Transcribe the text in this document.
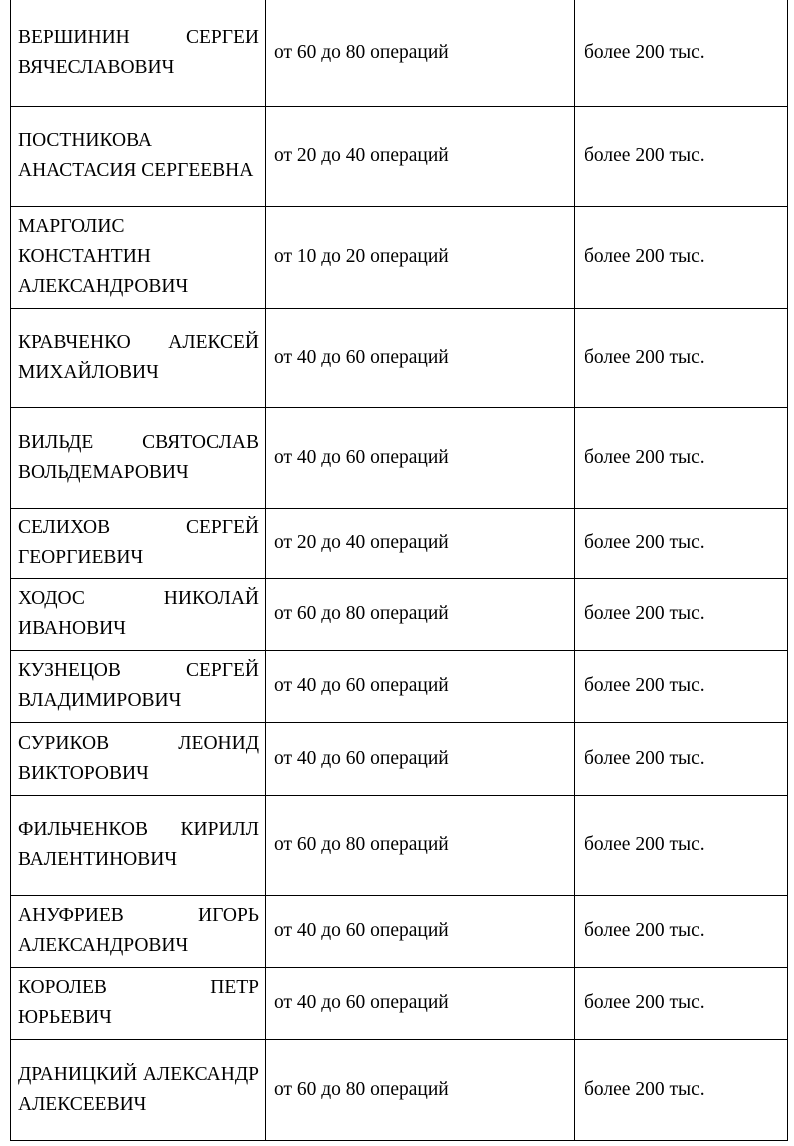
ВЕРШИНИН СЕРГЕИ ВЯЧЕСЛАВОВИЧ	от 60 до 80 операций	более 200 тыс.
ПОСТНИКОВА АНАСТАСИЯ СЕРГЕЕВНА	от 20 до 40 операций	более 200 тыс.
МАРГОЛИС КОНСТАНТИН АЛЕКСАНДРОВИЧ	от 10 до 20 операций	более 200 тыс.
КРАВЧЕНКО АЛЕКСЕЙ МИХАЙЛОВИЧ	от 40 до 60 операций	более 200 тыс.
ВИЛЬДЕ СВЯТОСЛАВ ВОЛЬДЕМАРОВИЧ	от 40 до 60 операций	более 200 тыс.
СЕЛИХОВ СЕРГЕЙ ГЕОРГИЕВИЧ	от 20 до 40 операций	более 200 тыс.
ХОДОС НИКОЛАЙ ИВАНОВИЧ	от 60 до 80 операций	более 200 тыс.
КУЗНЕЦОВ СЕРГЕЙ ВЛАДИМИРОВИЧ	от 40 до 60 операций	более 200 тыс.
СУРИКОВ ЛЕОНИД ВИКТОРОВИЧ	от 40 до 60 операций	более 200 тыс.
ФИЛЬЧЕНКОВ КИРИЛЛ ВАЛЕНТИНОВИЧ	от 60 до 80 операций	более 200 тыс.
АНУФРИЕВ ИГОРЬ АЛЕКСАНДРОВИЧ	от 40 до 60 операций	более 200 тыс.
КОРОЛЕВ ПЕТР ЮРЬЕВИЧ	от 40 до 60 операций	более 200 тыс.
ДРАНИЦКИЙ АЛЕКСАНДР АЛЕКСЕЕВИЧ	от 60 до 80 операций	более 200 тыс.
